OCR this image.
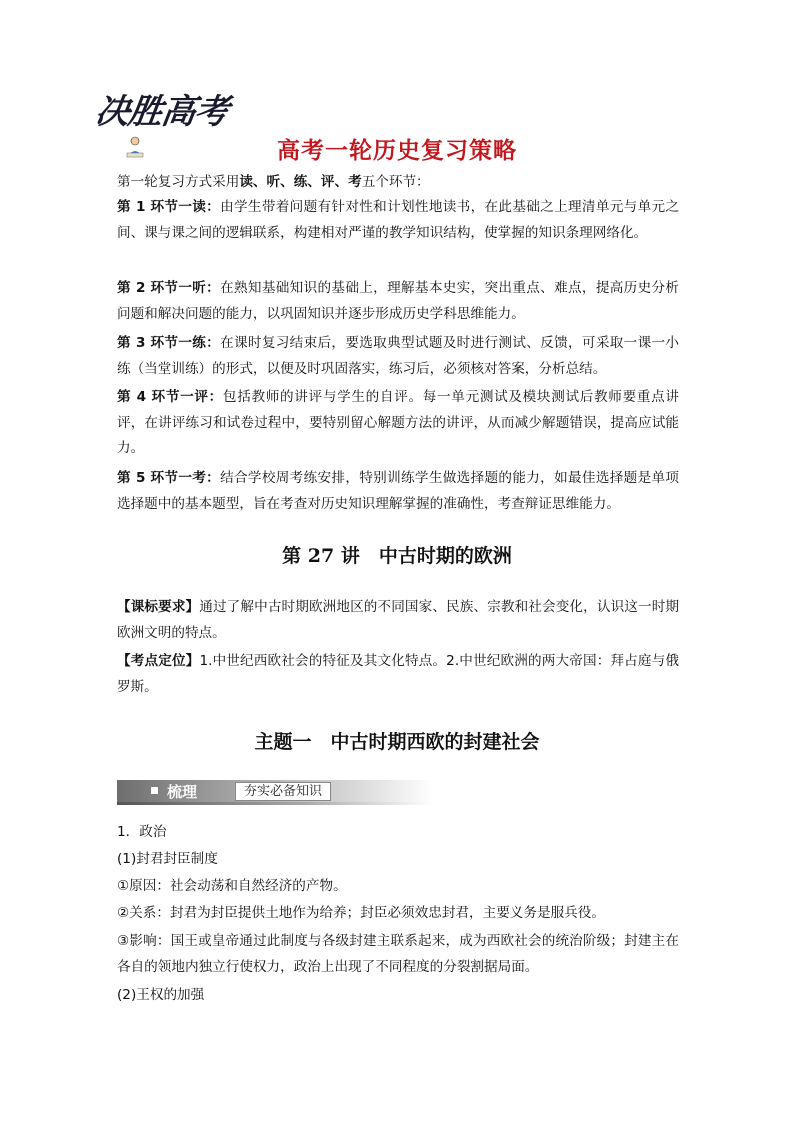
决胜高考
高考一轮历史复习策略
第一轮复习方式采用读、听、练、评、考五个环节：
第 1 环节一读：由学生带着问题有针对性和计划性地读书，在此基础之上理清单元与单元之间、课与课之间的逻辑联系，构建相对严谨的教学知识结构，使掌握的知识条理网络化。
第 2 环节一听：在熟知基础知识的基础上，理解基本史实，突出重点、难点，提高历史分析问题和解决问题的能力，以巩固知识并逐步形成历史学科思维能力。
第 3 环节一练：在课时复习结束后，要选取典型试题及时进行测试、反馈，可采取一课一小练（当堂训练）的形式，以便及时巩固落实，练习后，必须核对答案，分析总结。
第 4 环节一评：包括教师的讲评与学生的自评。每一单元测试及模块测试后教师要重点讲评，在讲评练习和试卷过程中，要特别留心解题方法的讲评，从而减少解题错误，提高应试能力。
第 5 环节一考：结合学校周考练安排，特别训练学生做选择题的能力，如最佳选择题是单项选择题中的基本题型，旨在考查对历史知识理解掌握的准确性，考查辩证思维能力。
第 27 讲　中古时期的欧洲
【课标要求】通过了解中古时期欧洲地区的不同国家、民族、宗教和社会变化，认识这一时期欧洲文明的特点。
【考点定位】1.中世纪西欧社会的特征及其文化特点。2.中世纪欧洲的两大帝国：拜占庭与俄罗斯。
主题一　中古时期西欧的封建社会
梳理	夯实必备知识
1．政治
(1)封君封臣制度
①原因：社会动荡和自然经济的产物。
②关系：封君为封臣提供土地作为给养；封臣必须效忠封君，主要义务是服兵役。
③影响：国王或皇帝通过此制度与各级封建主联系起来，成为西欧社会的统治阶级；封建主在各自的领地内独立行使权力，政治上出现了不同程度的分裂割据局面。
(2)王权的加强
